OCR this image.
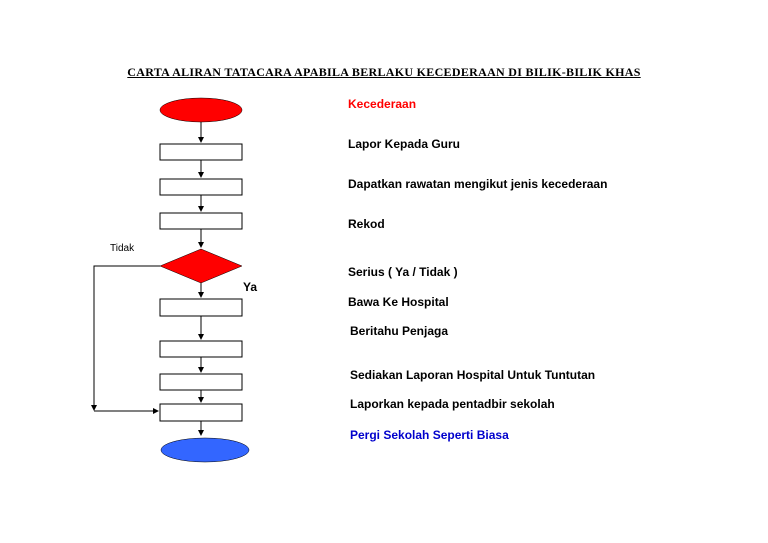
CARTA ALIRAN TATACARA APABILA BERLAKU KECEDERAAN DI BILIK-BILIK KHAS
Tidak
Ya
Kecederaan
Lapor Kepada Guru
Dapatkan rawatan mengikut jenis kecederaan
Rekod
Serius ( Ya / Tidak )
Bawa Ke Hospital
Beritahu Penjaga
Sediakan Laporan Hospital Untuk Tuntutan
Laporkan kepada pentadbir sekolah
Pergi Sekolah Seperti Biasa
